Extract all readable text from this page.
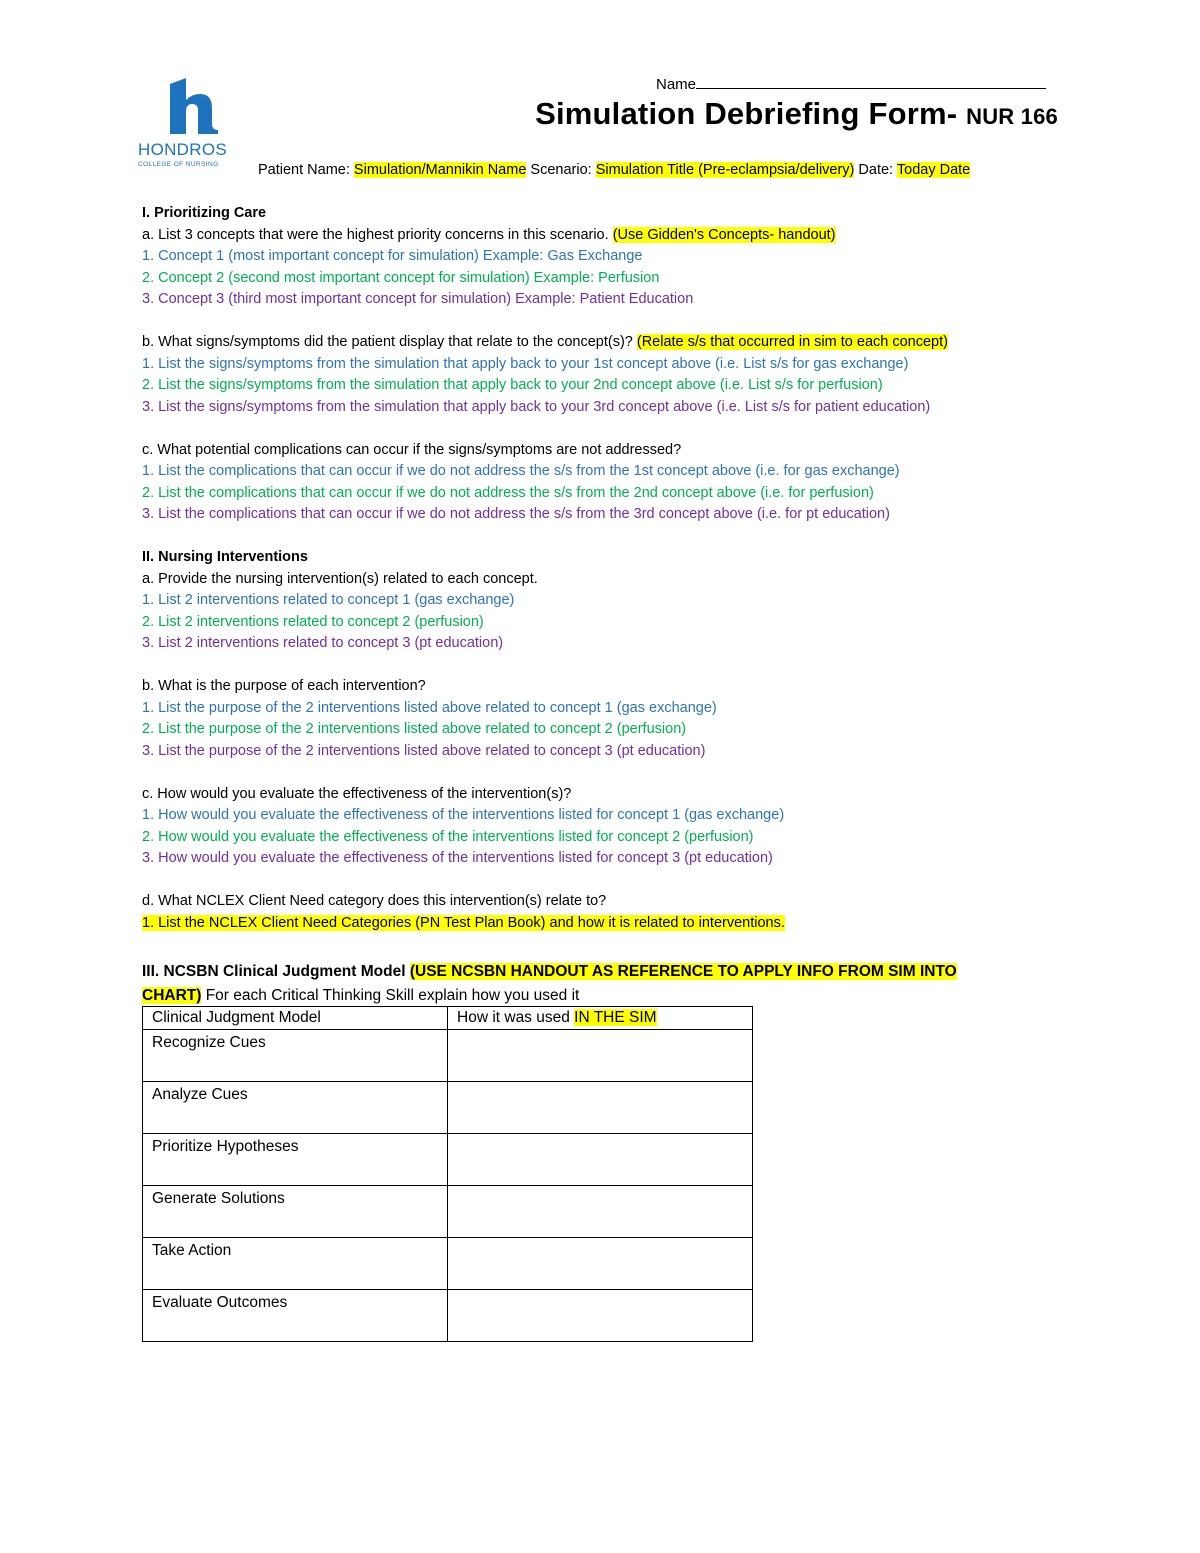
HONDROS
COLLEGE OF NURSING
Name
Simulation Debriefing Form- NUR 166
Patient Name: Simulation/Mannikin Name Scenario: Simulation Title (Pre-eclampsia/delivery) Date: Today Date
I. Prioritizing Care
a. List 3 concepts that were the highest priority concerns in this scenario. (Use Gidden's Concepts- handout)
1. Concept 1 (most important concept for simulation) Example: Gas Exchange
2. Concept 2 (second most important concept for simulation) Example: Perfusion
3. Concept 3 (third most important concept for simulation) Example: Patient Education
b. What signs/symptoms did the patient display that relate to the concept(s)? (Relate s/s that occurred in sim to each concept)
1. List the signs/symptoms from the simulation that apply back to your 1st concept above (i.e. List s/s for gas exchange)
2. List the signs/symptoms from the simulation that apply back to your 2nd concept above (i.e. List s/s for perfusion)
3. List the signs/symptoms from the simulation that apply back to your 3rd concept above (i.e. List s/s for patient education)
c. What potential complications can occur if the signs/symptoms are not addressed?
1. List the complications that can occur if we do not address the s/s from the 1st concept above (i.e. for gas exchange)
2. List the complications that can occur if we do not address the s/s from the 2nd concept above (i.e. for perfusion)
3. List the complications that can occur if we do not address the s/s from the 3rd concept above (i.e. for pt education)
II. Nursing Interventions
a. Provide the nursing intervention(s) related to each concept.
1. List 2 interventions related to concept 1 (gas exchange)
2. List 2 interventions related to concept 2 (perfusion)
3. List 2 interventions related to concept 3 (pt education)
b. What is the purpose of each intervention?
1. List the purpose of the 2 interventions listed above related to concept 1 (gas exchange)
2. List the purpose of the 2 interventions listed above related to concept 2 (perfusion)
3. List the purpose of the 2 interventions listed above related to concept 3 (pt education)
c. How would you evaluate the effectiveness of the intervention(s)?
1. How would you evaluate the effectiveness of the interventions listed for concept 1 (gas exchange)
2. How would you evaluate the effectiveness of the interventions listed for concept 2 (perfusion)
3. How would you evaluate the effectiveness of the interventions listed for concept 3 (pt education)
d. What NCLEX Client Need category does this intervention(s) relate to?
1. List the NCLEX Client Need Categories (PN Test Plan Book) and how it is related to interventions.
III. NCSBN Clinical Judgment Model (USE NCSBN HANDOUT AS REFERENCE TO APPLY INFO FROM SIM INTO
CHART) For each Critical Thinking Skill explain how you used it
Clinical Judgment Model	How it was used IN THE SIM
Recognize Cues	
Analyze Cues	
Prioritize Hypotheses	
Generate Solutions	
Take Action	
Evaluate Outcomes	
